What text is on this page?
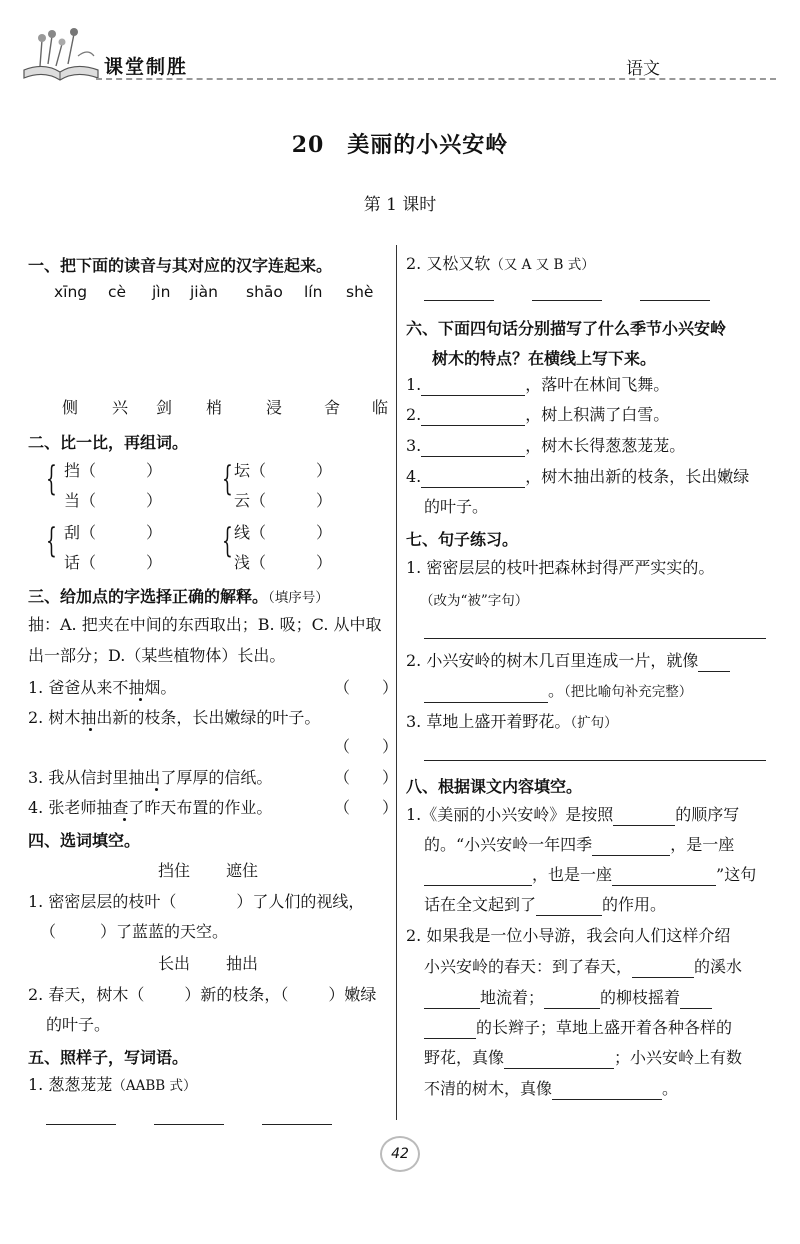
课堂制胜	语文
20　美丽的小兴安岭
第 1 课时
一、把下面的读音与其对应的汉字连起来。
xīng cè jìn jiàn shāo lín shè
侧 兴 剑 梢	浸	舍 临
二、比一比，再组词。
{ 挡（	）
当（	）
{ 坛（	）
云（	）
{ 刮（	）
话（	）
{ 线（	）
浅（	）
三、给加点的字选择正确的解释。（填序号）
抽：A. 把夹在中间的东西取出；B. 吸；C. 从中取
出一部分；D.（某些植物体）长出。
1. 爸爸从来不抽烟。	（　　）
2. 树木抽出新的枝条，长出嫩绿的叶子。
（　　）
3. 我从信封里抽出了厚厚的信纸。	（　　）
4. 张老师抽查了昨天布置的作业。	（　　）
四、选词填空。
挡住 遮住
1. 密密层层的枝叶（	）了人们的视线，
（	）了蓝蓝的天空。
长出 抽出
2. 春天，树木（	）新的枝条，（	）嫩绿
的叶子。
五、照样子，写词语。
1. 葱葱茏茏（AABB 式）
2. 又松又软（又 A 又 B 式）
六、下面四句话分别描写了什么季节小兴安岭
树木的特点？在横线上写下来。
1.	，落叶在林间飞舞。
2.	，树上积满了白雪。
3.	，树木长得葱葱茏茏。
4.	，树木抽出新的枝条，长出嫩绿
的叶子。
七、句子练习。
1. 密密层层的枝叶把森林封得严严实实的。
（改为“被”字句）
2. 小兴安岭的树木几百里连成一片，就像
。（把比喻句补充完整）
3. 草地上盛开着野花。（扩句）
八、根据课文内容填空。
1.《美丽的小兴安岭》是按照	的顺序写
的。“小兴安岭一年四季	，是一座
，也是一座	”这句
话在全文起到了	的作用。
2. 如果我是一位小导游，我会向人们这样介绍
小兴安岭的春天：到了春天，	的溪水
地流着；	的柳枝摇着
的长辫子；草地上盛开着各种各样的
野花，真像	；小兴安岭上有数
不清的树木，真像	。
42
